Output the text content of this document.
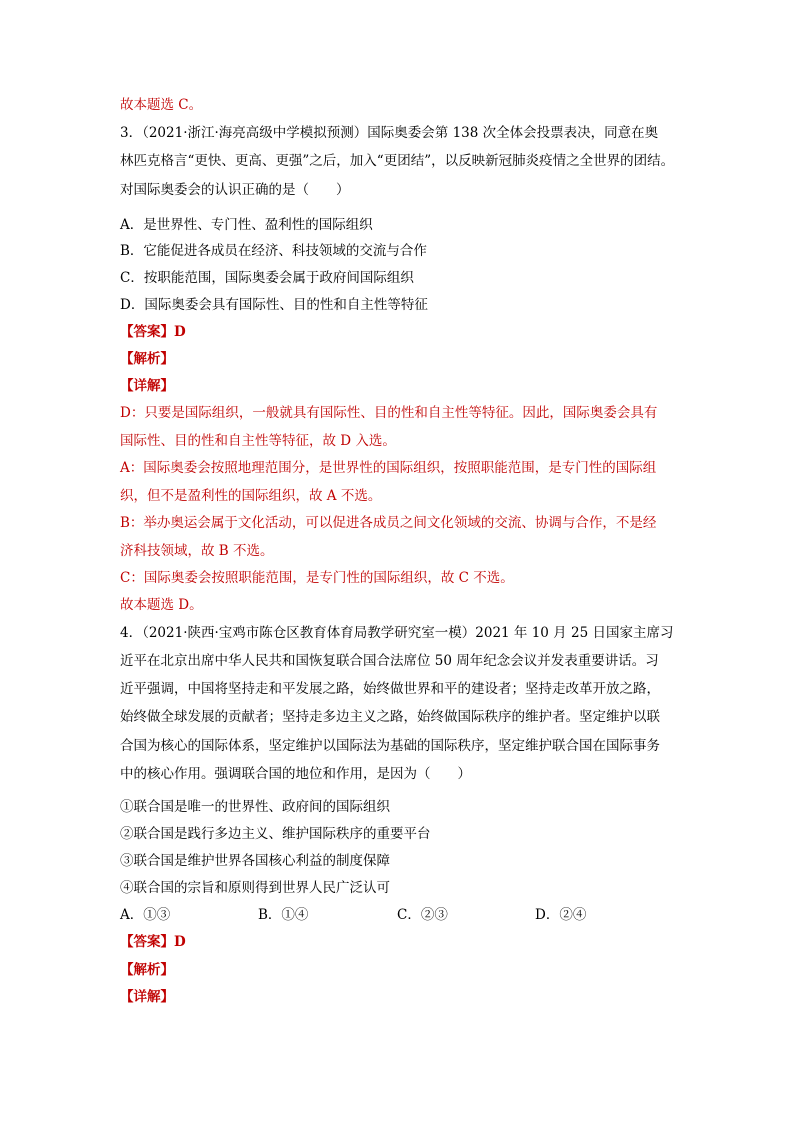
故本题选 C。
3．（2021·浙江·海亮高级中学模拟预测）国际奥委会第 138 次全体会投票表决，同意在奥
林匹克格言“更快、更高、更强”之后，加入“更团结”，以反映新冠肺炎疫情之全世界的团结。
对国际奥委会的认识正确的是（　　）
A．是世界性、专门性、盈利性的国际组织
B．它能促进各成员在经济、科技领域的交流与合作
C．按职能范围，国际奥委会属于政府间国际组织
D．国际奥委会具有国际性、目的性和自主性等特征
【答案】D
【解析】
【详解】
D：只要是国际组织，一般就具有国际性、目的性和自主性等特征。因此，国际奥委会具有
国际性、目的性和自主性等特征，故 D 入选。
A：国际奥委会按照地理范围分，是世界性的国际组织，按照职能范围，是专门性的国际组
织，但不是盈利性的国际组织，故 A 不选。
B：举办奥运会属于文化活动，可以促进各成员之间文化领域的交流、协调与合作，不是经
济科技领域，故 B 不选。
C：国际奥委会按照职能范围，是专门性的国际组织，故 C 不选。
故本题选 D。
4．（2021·陕西·宝鸡市陈仓区教育体育局教学研究室一模）2021 年 10 月 25 日国家主席习
近平在北京出席中华人民共和国恢复联合国合法席位 50 周年纪念会议并发表重要讲话。习
近平强调，中国将坚持走和平发展之路，始终做世界和平的建设者；坚持走改革开放之路，
始终做全球发展的贡献者；坚持走多边主义之路，始终做国际秩序的维护者。坚定维护以联
合国为核心的国际体系，坚定维护以国际法为基础的国际秩序，坚定维护联合国在国际事务
中的核心作用。强调联合国的地位和作用，是因为（　　）
①联合国是唯一的世界性、政府间的国际组织
②联合国是践行多边主义、维护国际秩序的重要平台
③联合国是维护世界各国核心利益的制度保障
④联合国的宗旨和原则得到世界人民广泛认可
A．①③	B．①④	C．②③	D．②④
【答案】D
【解析】
【详解】
